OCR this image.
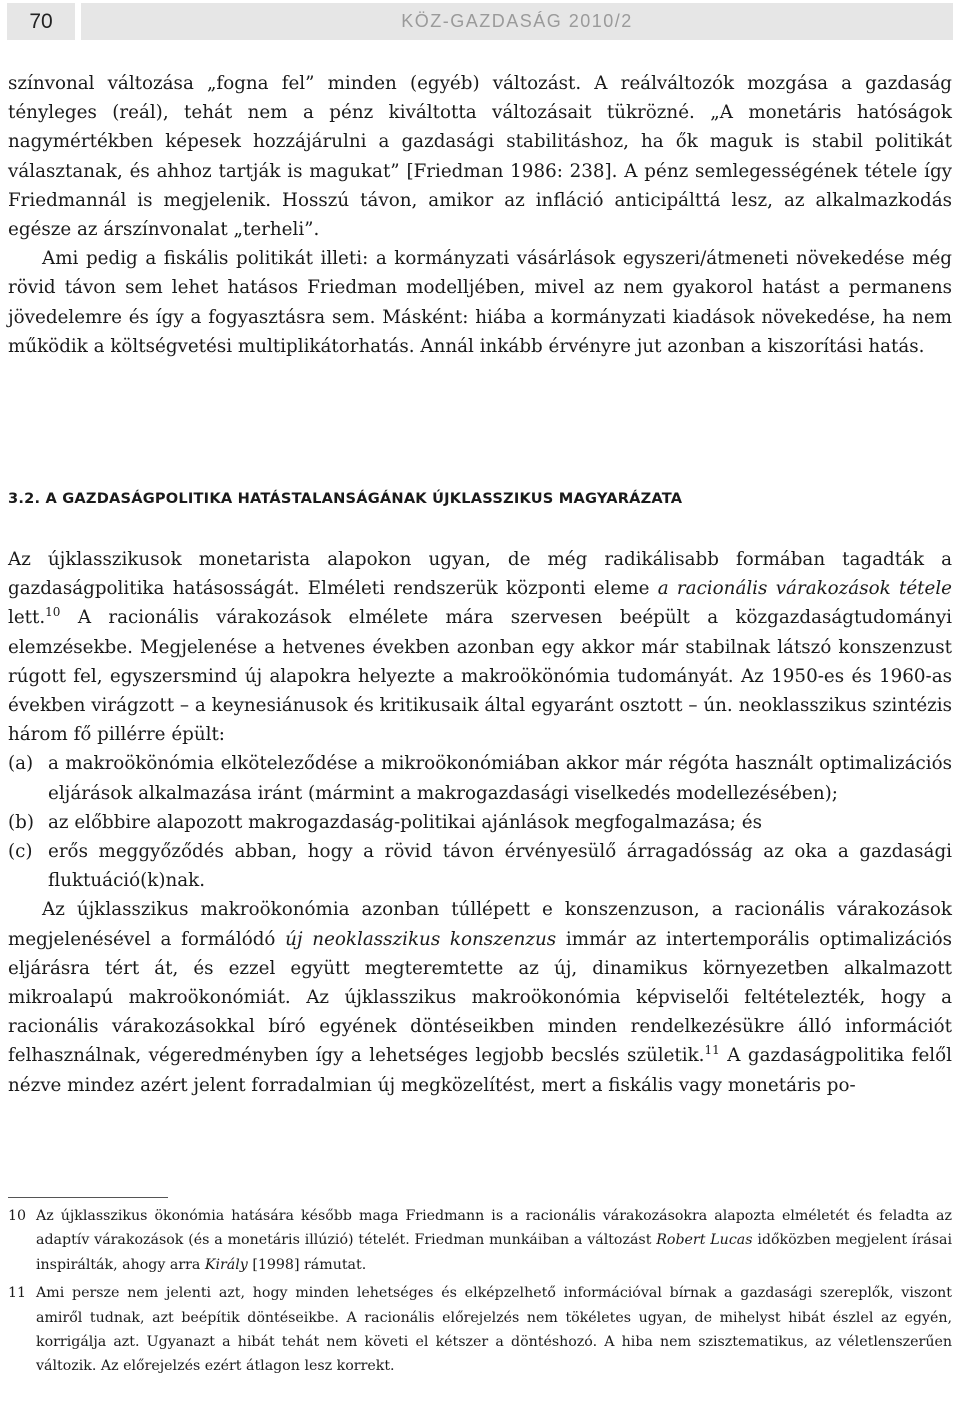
70	KÖZ-GAZDASÁG 2010/2

színvonal változása „fogna fel” minden (egyéb) változást. A reálváltozók mozgása a gazdaság tényleges (reál), tehát nem a pénz kiváltotta változásait tükrözné. „A monetáris hatóságok nagymértékben képesek hozzájárulni a gazdasági stabilitáshoz, ha ők maguk is stabil politikát választanak, és ahhoz tartják is magukat” [Friedman 1986: 238]. A pénz semlegességének tétele így Friedmannál is megjelenik. Hosszú távon, amikor az infláció anticipálttá lesz, az alkalmazkodás egésze az árszínvonalat „terheli”.

Ami pedig a fiskális politikát illeti: a kormányzati vásárlások egyszeri/átmeneti növekedése még rövid távon sem lehet hatásos Friedman modelljében, mivel az nem gyakorol hatást a permanens jövedelemre és így a fogyasztásra sem. Másként: hiába a kormányzati kiadások növekedése, ha nem működik a költségvetési multiplikátorhatás. Annál inkább érvényre jut azonban a kiszorítási hatás.

3.2. A GAZDASÁGPOLITIKA HATÁSTALANSÁGÁNAK ÚJKLASSZIKUS MAGYARÁZATA

Az újklasszikusok monetarista alapokon ugyan, de még radikálisabb formában tagadták a gazdaságpolitika hatásosságát. Elméleti rendszerük központi eleme a racionális várakozások tétele lett.$^{10}$ A racionális várakozások elmélete mára szervesen beépült a közgazdaságtudományi elemzésekbe. Megjelenése a hetvenes években azonban egy akkor már stabilnak látszó konszenzust rúgott fel, egyszersmind új alapokra helyezte a makroökönómia tudományát. Az 1950-es és 1960-as években virágzott – a keynesiánusok és kritikusaik által egyaránt osztott – ún. neoklasszikus szintézis három fő pillérre épült:

(a) a makroökönómia elköteleződése a mikroökonómiában akkor már régóta használt optimalizációs eljárások alkalmazása iránt (mármint a makrogazdasági viselkedés modellezésében);
(b) az előbbire alapozott makrogazdaság-politikai ajánlások megfogalmazása; és
(c) erős meggyőződés abban, hogy a rövid távon érvényesülő árragadósság az oka a gazdasági fluktuáció(k)nak.

Az újklasszikus makroökonómia azonban túllépett e konszenzuson, a racionális várakozások megjelenésével a formálódó új neoklasszikus konszenzus immár az intertemporális optimalizációs eljárásra tért át, és ezzel együtt megteremtette az új, dinamikus környezetben alkalmazott mikroalapú makroökonómiát. Az újklasszikus makroökonómia képviselői feltételezték, hogy a racionális várakozásokkal bíró egyének döntéseikben minden rendelkezésükre álló információt felhasználnak, végeredményben így a lehetséges legjobb becslés születik.$^{11}$ A gazdaságpolitika felől nézve mindez azért jelent forradalmian új megközelítést, mert a fiskális vagy monetáris po-

10 Az újklasszikus ökonómia hatására később maga Friedmann is a racionális várakozásokra alapozta elméletét és feladta az adaptív várakozások (és a monetáris illúzió) tételét. Friedman munkáiban a változást Robert Lucas időközben megjelent írásai inspirálták, ahogy arra Király [1998] rámutat.
11 Ami persze nem jelenti azt, hogy minden lehetséges és elképzelhető információval bírnak a gazdasági szereplők, viszont amiről tudnak, azt beépítik döntéseikbe. A racionális előrejelzés nem tökéletes ugyan, de mihelyst hibát észlel az egyén, korrigálja azt. Ugyanazt a hibát tehát nem követi el kétszer a döntéshozó. A hiba nem szisztematikus, az véletlenszerűen változik. Az előrejelzés ezért átlagon lesz korrekt.
